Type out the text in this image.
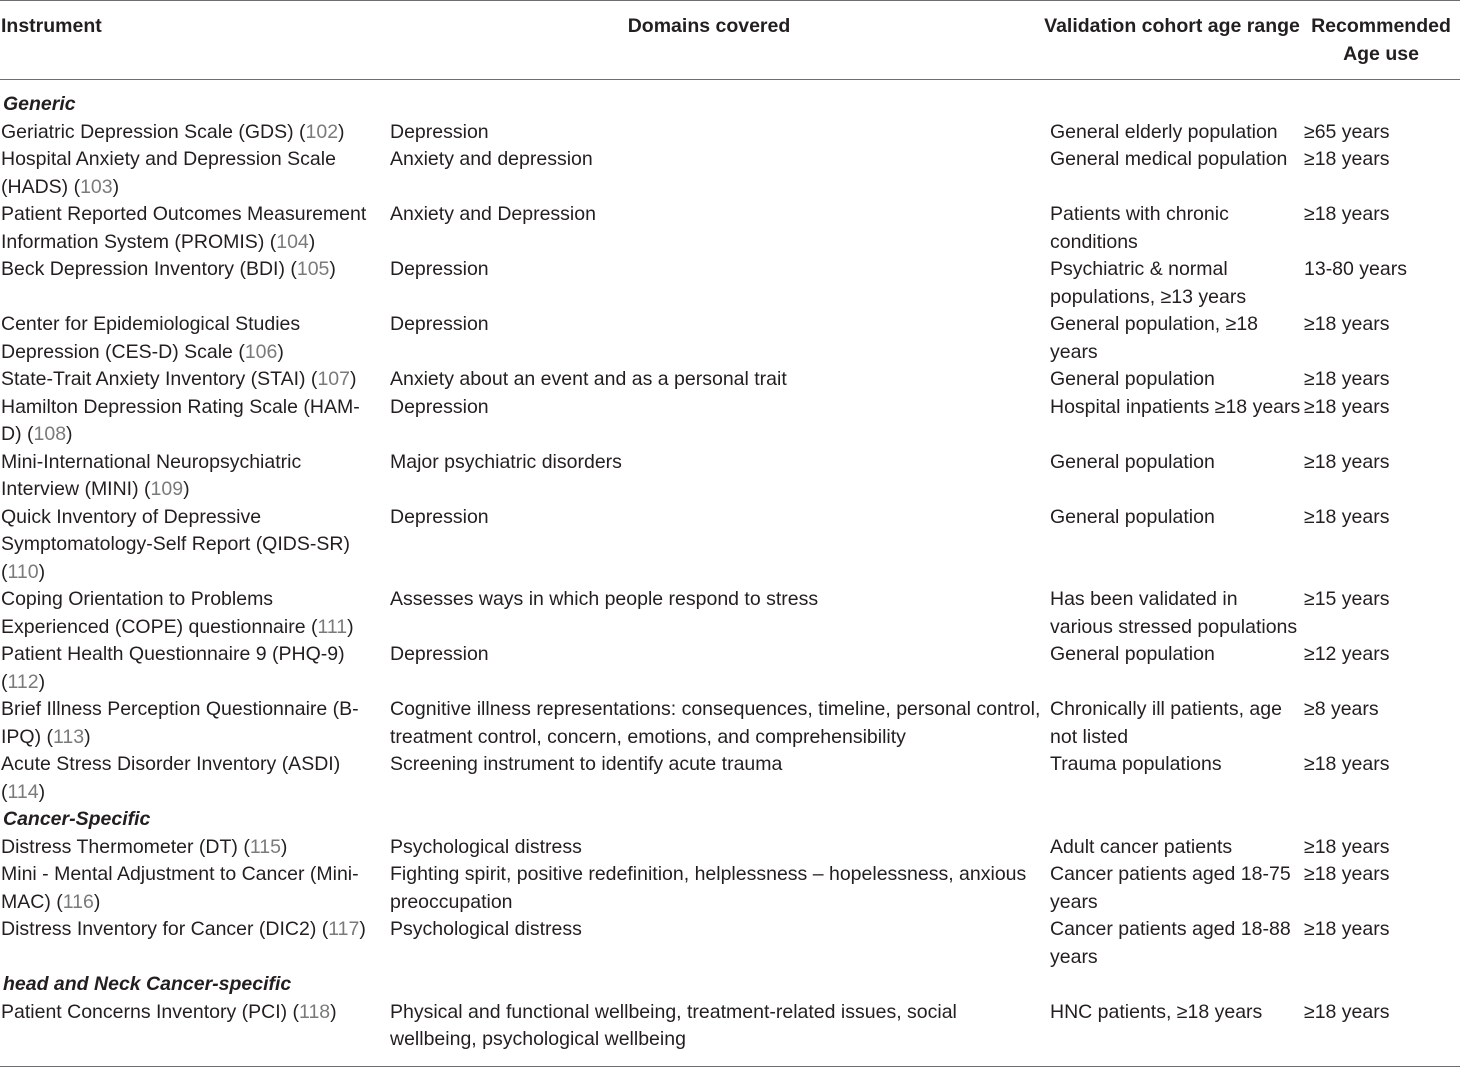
Instrument	Domains covered	Validation cohort age range	Recommended Age use
Generic			
Geriatric Depression Scale (GDS) (102)	Depression	General elderly population	≥65 years
Hospital Anxiety and Depression Scale (HADS) (103)	Anxiety and depression	General medical population	≥18 years
Patient Reported Outcomes Measurement Information System (PROMIS) (104)	Anxiety and Depression	Patients with chronic conditions	≥18 years
Beck Depression Inventory (BDI) (105)	Depression	Psychiatric & normal populations, ≥13 years	13-80 years
Center for Epidemiological Studies Depression (CES-D) Scale (106)	Depression	General population, ≥18 years	≥18 years
State-Trait Anxiety Inventory (STAI) (107)	Anxiety about an event and as a personal trait	General population	≥18 years
Hamilton Depression Rating Scale (HAM-D) (108)	Depression	Hospital inpatients ≥18 years	≥18 years
Mini-International Neuropsychiatric Interview (MINI) (109)	Major psychiatric disorders	General population	≥18 years
Quick Inventory of Depressive Symptomatology-Self Report (QIDS-SR) (110)	Depression	General population	≥18 years
Coping Orientation to Problems Experienced (COPE) questionnaire (111)	Assesses ways in which people respond to stress	Has been validated in various stressed populations	≥15 years
Patient Health Questionnaire 9 (PHQ-9) (112)	Depression	General population	≥12 years
Brief Illness Perception Questionnaire (B-IPQ) (113)	Cognitive illness representations: consequences, timeline, personal control, treatment control, concern, emotions, and comprehensibility	Chronically ill patients, age not listed	≥8 years
Acute Stress Disorder Inventory (ASDI) (114)	Screening instrument to identify acute trauma	Trauma populations	≥18 years
Cancer-Specific			
Distress Thermometer (DT) (115)	Psychological distress	Adult cancer patients	≥18 years
Mini - Mental Adjustment to Cancer (Mini-MAC) (116)	Fighting spirit, positive redefinition, helplessness – hopelessness, anxious preoccupation	Cancer patients aged 18-75 years	≥18 years
Distress Inventory for Cancer (DIC2) (117)	Psychological distress	Cancer patients aged 18-88 years	≥18 years
head and Neck Cancer-specific			
Patient Concerns Inventory (PCI) (118)	Physical and functional wellbeing, treatment-related issues, social wellbeing, psychological wellbeing	HNC patients, ≥18 years	≥18 years
